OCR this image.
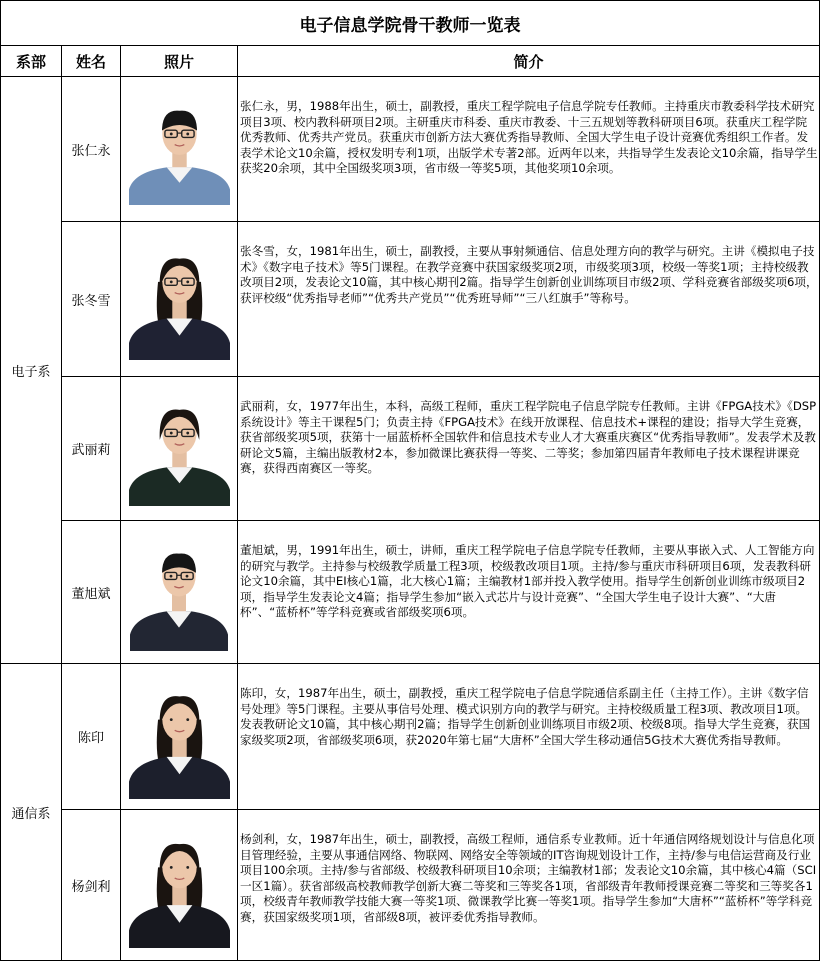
电子信息学院骨干教师一览表			
系部	姓名	照片	简介
电子系	张仁永		张仁永，男，1988年出生，硕士，副教授，重庆工程学院电子信息学院专任教师。主持重庆市教委科学技术研究项目3项、校内教科研项目2项。主研重庆市科委、重庆市教委、十三五规划等教科研项目6项。获重庆工程学院优秀教师、优秀共产党员。获重庆市创新方法大赛优秀指导教师、全国大学生电子设计竞赛优秀组织工作者。发表学术论文10余篇，授权发明专利1项，出版学术专著2部。近两年以来，共指导学生发表论文10余篇，指导学生获奖20余项，其中全国级奖项3项，省市级一等奖5项，其他奖项10余项。
	张冬雪		张冬雪，女，1981年出生，硕士，副教授，主要从事射频通信、信息处理方向的教学与研究。主讲《模拟电子技术》《数字电子技术》等5门课程。在教学竞赛中获国家级奖项2项，市级奖项3项，校级一等奖1项；主持校级教改项目2项，发表论文10篇，其中核心期刊2篇。指导学生创新创业训练项目市级2项、学科竞赛省部级奖项6项，获评校级“优秀指导老师”“优秀共产党员”“优秀班导师”“三八红旗手”等称号。
	武丽莉		武丽莉，女，1977年出生，本科，高级工程师，重庆工程学院电子信息学院专任教师。主讲《FPGA技术》《DSP系统设计》等主干课程5门；负责主持《FPGA技术》在线开放课程、信息技术+课程的建设；指导大学生竞赛，获省部级奖项5项，获第十一届蓝桥杯全国软件和信息技术专业人才大赛重庆赛区“优秀指导教师”。发表学术及教研论文5篇，主编出版教材2本，参加微课比赛获得一等奖、二等奖；参加第四届青年教师电子技术课程讲课竞赛，获得西南赛区一等奖。
	董旭斌		董旭斌，男，1991年出生，硕士，讲师，重庆工程学院电子信息学院专任教师，主要从事嵌入式、人工智能方向的研究与教学。主持参与校级教学质量工程3项，校级教改项目1项。主持/参与重庆市科研项目6项，发表教科研论文10余篇，其中EI核心1篇，北大核心1篇；主编教材1部并投入教学使用。指导学生创新创业训练市级项目2项，指导学生发表论文4篇；指导学生参加“嵌入式芯片与设计竞赛”、“全国大学生电子设计大赛”、“大唐杯”、“蓝桥杯”等学科竞赛或省部级奖项6项。
通信系	陈印		陈印，女，1987年出生，硕士，副教授，重庆工程学院电子信息学院通信系副主任（主持工作）。主讲《数字信号处理》等5门课程。主要从事信号处理、模式识别方向的教学与研究。主持校级质量工程3项、教改项目1项。发表教研论文10篇，其中核心期刊2篇；指导学生创新创业训练项目市级2项、校级8项。指导大学生竞赛，获国家级奖项2项，省部级奖项6项，获2020年第七届“大唐杯”全国大学生移动通信5G技术大赛优秀指导教师。
	杨剑利		杨剑利，女，1987年出生，硕士，副教授，高级工程师，通信系专业教师。近十年通信网络规划设计与信息化项目管理经验，主要从事通信网络、物联网、网络安全等领域的IT咨询规划设计工作，主持/参与电信运营商及行业项目100余项。主持/参与省部级、校级教科研项目10余项；主编教材1部；发表论文10余篇，其中核心4篇（SCI一区1篇）。获省部级高校教师教学创新大赛二等奖和三等奖各1项，省部级青年教师授课竞赛二等奖和三等奖各1项，校级青年教师教学技能大赛一等奖1项、微课教学比赛一等奖1项。指导学生参加“大唐杯”“蓝桥杯”等学科竞赛，获国家级奖项1项，省部级8项，被评委优秀指导教师。
